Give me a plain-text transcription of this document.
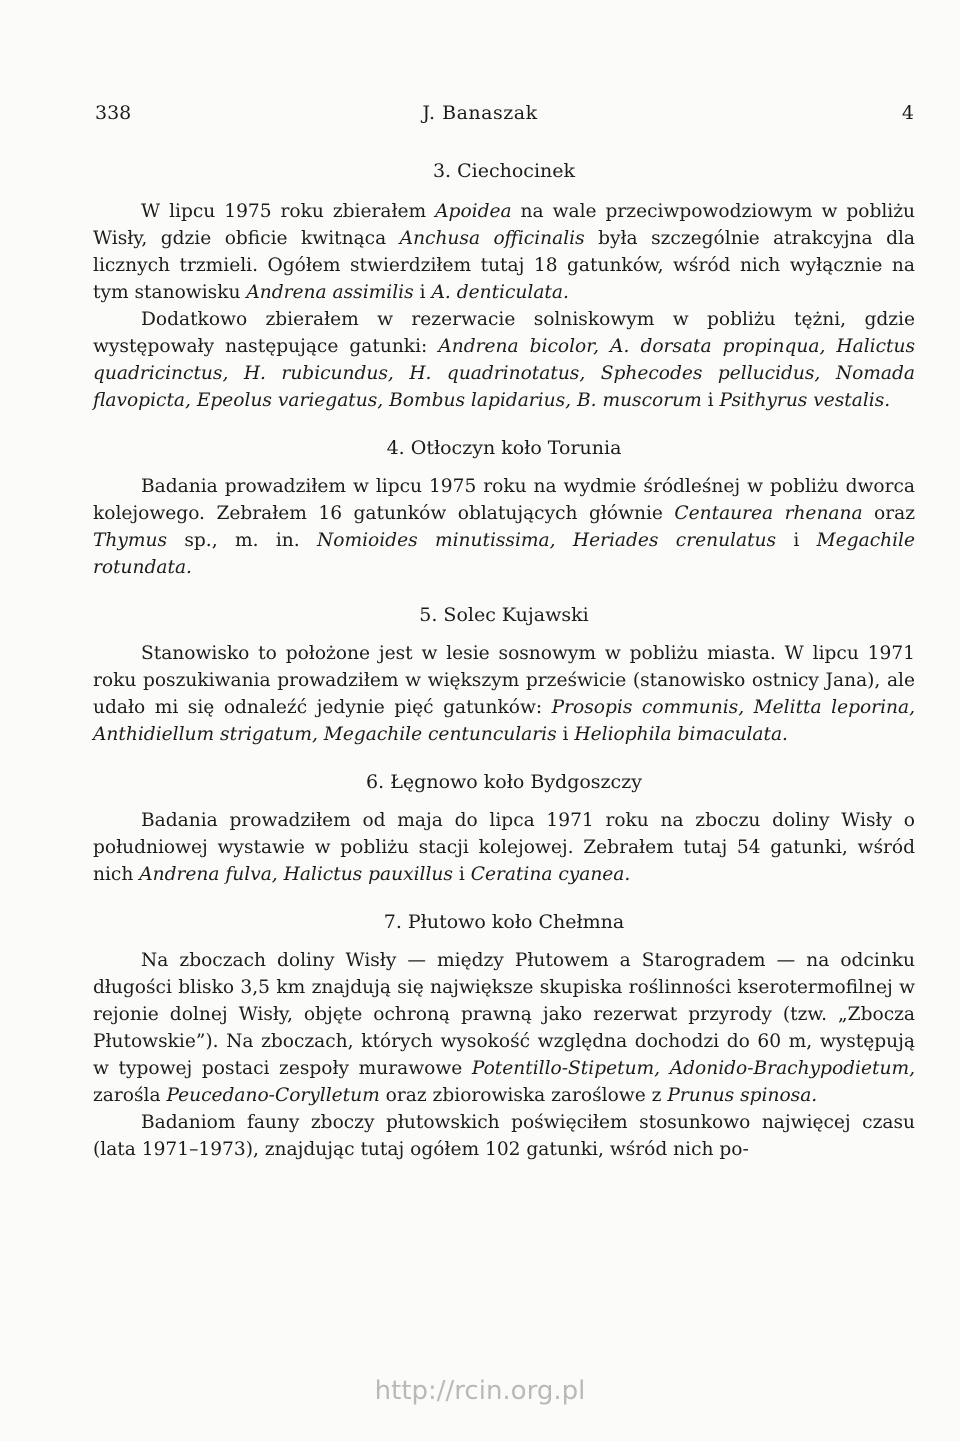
338	J. Banaszak	4
3. Ciechocinek

W lipcu 1975 roku zbierałem Apoidea na wale przeciwpowodziowym w pobliżu Wisły, gdzie obficie kwitnąca Anchusa officinalis była szczególnie atrakcyjna dla licznych trzmieli. Ogółem stwierdziłem tutaj 18 gatunków, wśród nich wyłącznie na tym stanowisku Andrena assimilis i A. denticulata.

Dodatkowo zbierałem w rezerwacie solniskowym w pobliżu tężni, gdzie występowały następujące gatunki: Andrena bicolor, A. dorsata propinqua, Halictus quadricinctus, H. rubicundus, H. quadrinotatus, Sphecodes pellucidus, Nomada flavopicta, Epeolus variegatus, Bombus lapidarius, B. muscorum i Psithyrus vestalis.

4. Otłoczyn koło Torunia

Badania prowadziłem w lipcu 1975 roku na wydmie śródleśnej w pobliżu dworca kolejowego. Zebrałem 16 gatunków oblatujących głównie Centaurea rhenana oraz Thymus sp., m. in. Nomioides minutissima, Heriades crenulatus i Megachile rotundata.

5. Solec Kujawski

Stanowisko to położone jest w lesie sosnowym w pobliżu miasta. W lipcu 1971 roku poszukiwania prowadziłem w większym prześwicie (stanowisko ostnicy Jana), ale udało mi się odnaleźć jedynie pięć gatunków: Prosopis communis, Melitta leporina, Anthidiellum strigatum, Megachile centuncularis i Heliophila bimaculata.

6. Łęgnowo koło Bydgoszczy

Badania prowadziłem od maja do lipca 1971 roku na zboczu doliny Wisły o południowej wystawie w pobliżu stacji kolejowej. Zebrałem tutaj 54 gatunki, wśród nich Andrena fulva, Halictus pauxillus i Ceratina cyanea.

7. Płutowo koło Chełmna

Na zboczach doliny Wisły — między Płutowem a Starogradem — na odcinku długości blisko 3,5 km znajdują się największe skupiska roślinności kserotermofilnej w rejonie dolnej Wisły, objęte ochroną prawną jako rezerwat przyrody (tzw. „Zbocza Płutowskie”). Na zboczach, których wysokość względna dochodzi do 60 m, występują w typowej postaci zespoły murawowe Potentillo-Stipetum, Adonido-Brachypodietum, zarośla Peucedano-Corylletum oraz zbiorowiska zaroślowe z Prunus spinosa.

Badaniom fauny zboczy płutowskich poświęciłem stosunkowo najwięcej czasu (lata 1971–1973), znajdując tutaj ogółem 102 gatunki, wśród nich po-

http://rcin.org.pl
